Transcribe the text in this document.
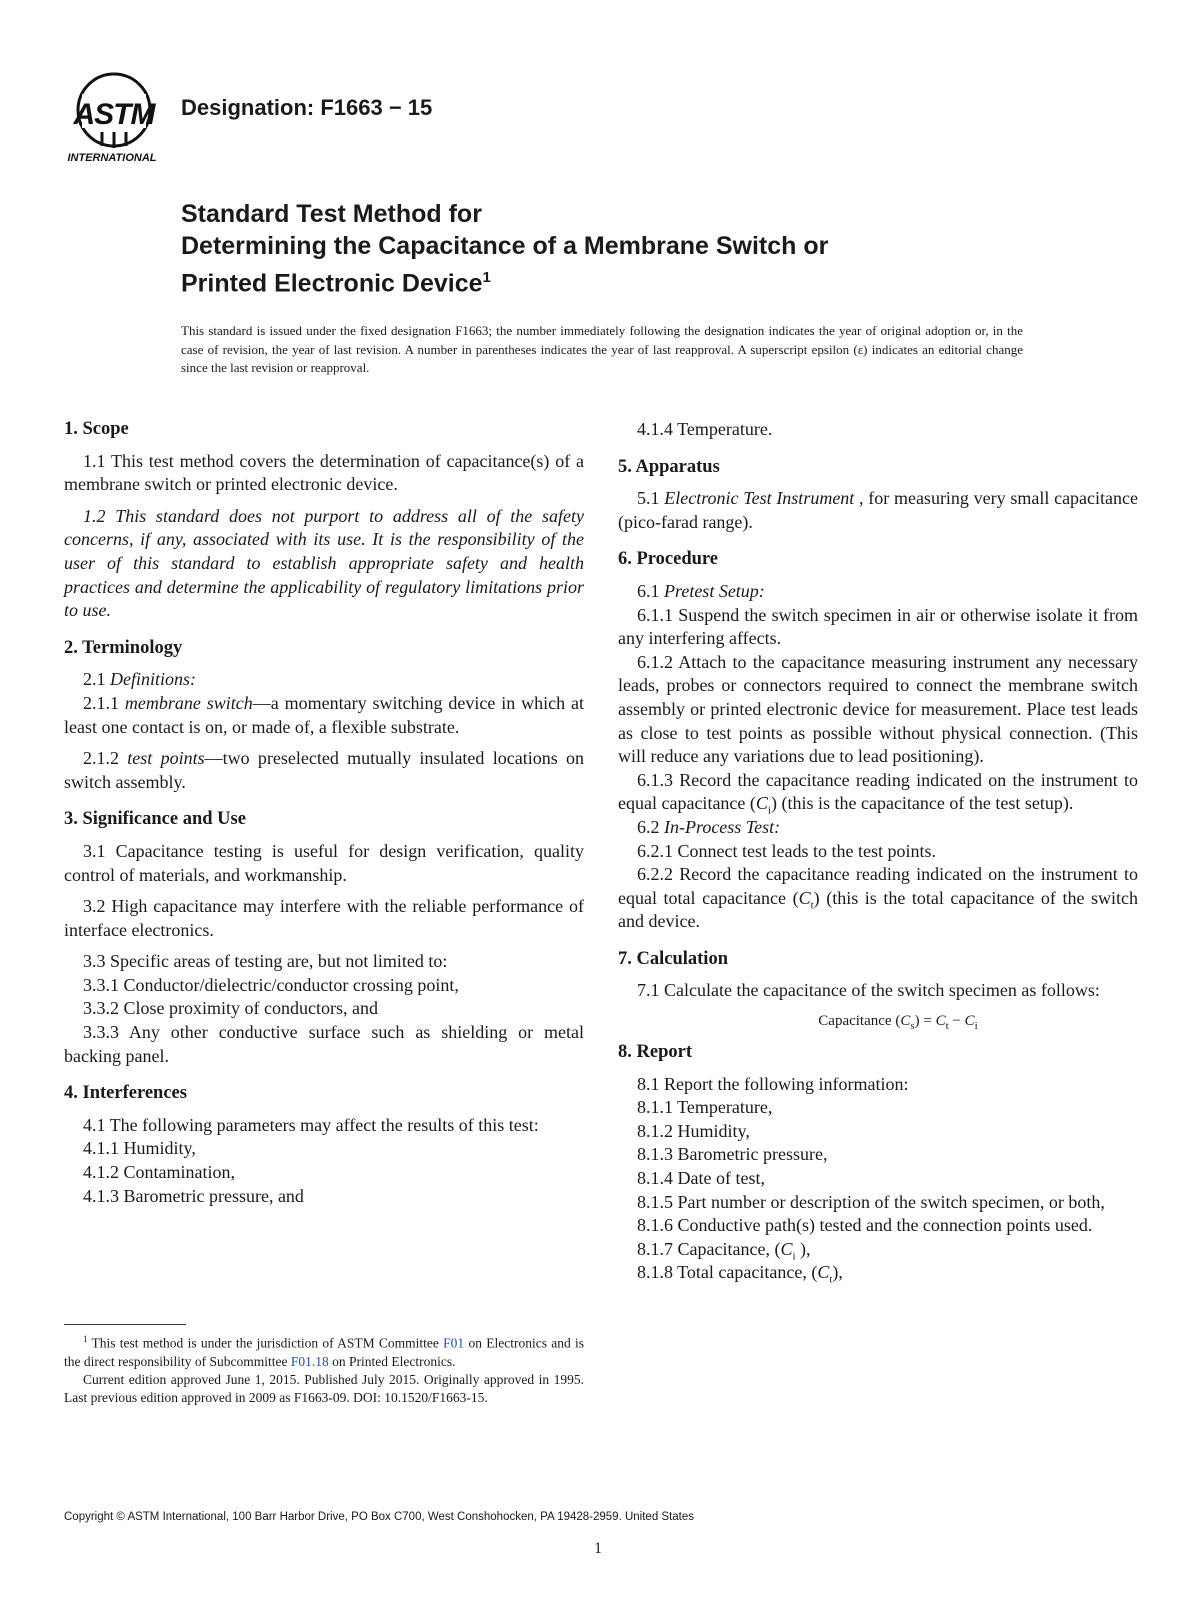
ASTM
INTERNATIONAL
Designation: F1663 − 15
Standard Test Method for
Determining the Capacitance of a Membrane Switch or
Printed Electronic Device$^1$
This standard is issued under the fixed designation F1663; the number immediately following the designation indicates the year of original adoption or, in the case of revision, the year of last revision. A number in parentheses indicates the year of last reapproval. A superscript epsilon (ε) indicates an editorial change since the last revision or reapproval.
1. Scope

1.1 This test method covers the determination of capacitance(s) of a membrane switch or printed electronic device.

1.2 This standard does not purport to address all of the safety concerns, if any, associated with its use. It is the responsibility of the user of this standard to establish appropriate safety and health practices and determine the applicability of regulatory limitations prior to use.

2. Terminology

2.1 Definitions:

2.1.1 membrane switch—a momentary switching device in which at least one contact is on, or made of, a flexible substrate.

2.1.2 test points—two preselected mutually insulated locations on switch assembly.

3. Significance and Use

3.1 Capacitance testing is useful for design verification, quality control of materials, and workmanship.

3.2 High capacitance may interfere with the reliable performance of interface electronics.

3.3 Specific areas of testing are, but not limited to:

3.3.1 Conductor/dielectric/conductor crossing point,

3.3.2 Close proximity of conductors, and

3.3.3 Any other conductive surface such as shielding or metal backing panel.

4. Interferences

4.1 The following parameters may affect the results of this test:

4.1.1 Humidity,

4.1.2 Contamination,

4.1.3 Barometric pressure, and

$^1$ This test method is under the jurisdiction of ASTM Committee F01 on Electronics and is the direct responsibility of Subcommittee F01.18 on Printed Electronics.

Current edition approved June 1, 2015. Published July 2015. Originally approved in 1995. Last previous edition approved in 2009 as F1663-09. DOI: 10.1520/F1663-15.

4.1.4 Temperature.

5. Apparatus

5.1 Electronic Test Instrument , for measuring very small capacitance (pico-farad range).

6. Procedure

6.1 Pretest Setup:

6.1.1 Suspend the switch specimen in air or otherwise isolate it from any interfering affects.

6.1.2 Attach to the capacitance measuring instrument any necessary leads, probes or connectors required to connect the membrane switch assembly or printed electronic device for measurement. Place test leads as close to test points as possible without physical connection. (This will reduce any variations due to lead positioning).

6.1.3 Record the capacitance reading indicated on the instrument to equal capacitance $(C_i)$ (this is the capacitance of the test setup).

6.2 In-Process Test:

6.2.1 Connect test leads to the test points.

6.2.2 Record the capacitance reading indicated on the instrument to equal total capacitance $(C_t)$ (this is the total capacitance of the switch and device.

7. Calculation

7.1 Calculate the capacitance of the switch specimen as follows:

Capacitance $(C_s) = C_t - C_i$
8. Report

8.1 Report the following information:

8.1.1 Temperature,

8.1.2 Humidity,

8.1.3 Barometric pressure,

8.1.4 Date of test,

8.1.5 Part number or description of the switch specimen, or both,

8.1.6 Conductive path(s) tested and the connection points used.

8.1.7 Capacitance, ($C_i$ ),

8.1.8 Total capacitance, $(C_t)$,

Copyright © ASTM International, 100 Barr Harbor Drive, PO Box C700, West Conshohocken, PA 19428-2959. United States
1
